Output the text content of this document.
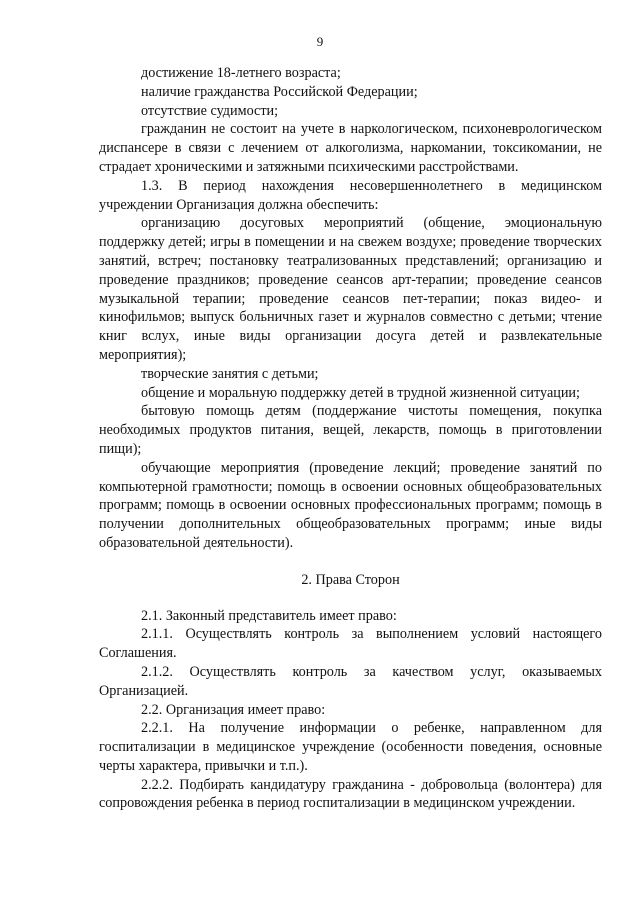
9

достижение 18-летнего возраста;

наличие гражданства Российской Федерации;

отсутствие судимости;

гражданин не состоит на учете в наркологическом, психоневрологическом диспансере в связи с лечением от алкоголизма, наркомании, токсикомании, не страдает хроническими и затяжными психическими расстройствами.

1.3. В период нахождения несовершеннолетнего в медицинском учреждении Организация должна обеспечить:

организацию досуговых мероприятий (общение, эмоциональную поддержку детей; игры в помещении и на свежем воздухе; проведение творческих занятий, встреч; постановку театрализованных представлений; организацию и проведение праздников; проведение сеансов арт-терапии; проведение сеансов музыкальной терапии; проведение сеансов пет-терапии; показ видео- и кинофильмов; выпуск больничных газет и журналов совместно с детьми; чтение книг вслух, иные виды организации досуга детей и развлекательные мероприятия);

творческие занятия с детьми;

общение и моральную поддержку детей в трудной жизненной ситуации;

бытовую помощь детям (поддержание чистоты помещения, покупка необходимых продуктов питания, вещей, лекарств, помощь в приготовлении пищи);

обучающие мероприятия (проведение лекций; проведение занятий по компьютерной грамотности; помощь в освоении основных общеобразовательных программ; помощь в освоении основных профессиональных программ; помощь в получении дополнительных общеобразовательных программ; иные виды образовательной деятельности).

2. Права Сторон

2.1. Законный представитель имеет право:

2.1.1. Осуществлять контроль за выполнением условий настоящего Соглашения.

2.1.2. Осуществлять контроль за качеством услуг, оказываемых Организацией.

2.2. Организация имеет право:

2.2.1. На получение информации о ребенке, направленном для госпитализации в медицинское учреждение (особенности поведения, основные черты характера, привычки и т.п.).

2.2.2. Подбирать кандидатуру гражданина - добровольца (волонтера) для сопровождения ребенка в период госпитализации в медицинском учреждении.
